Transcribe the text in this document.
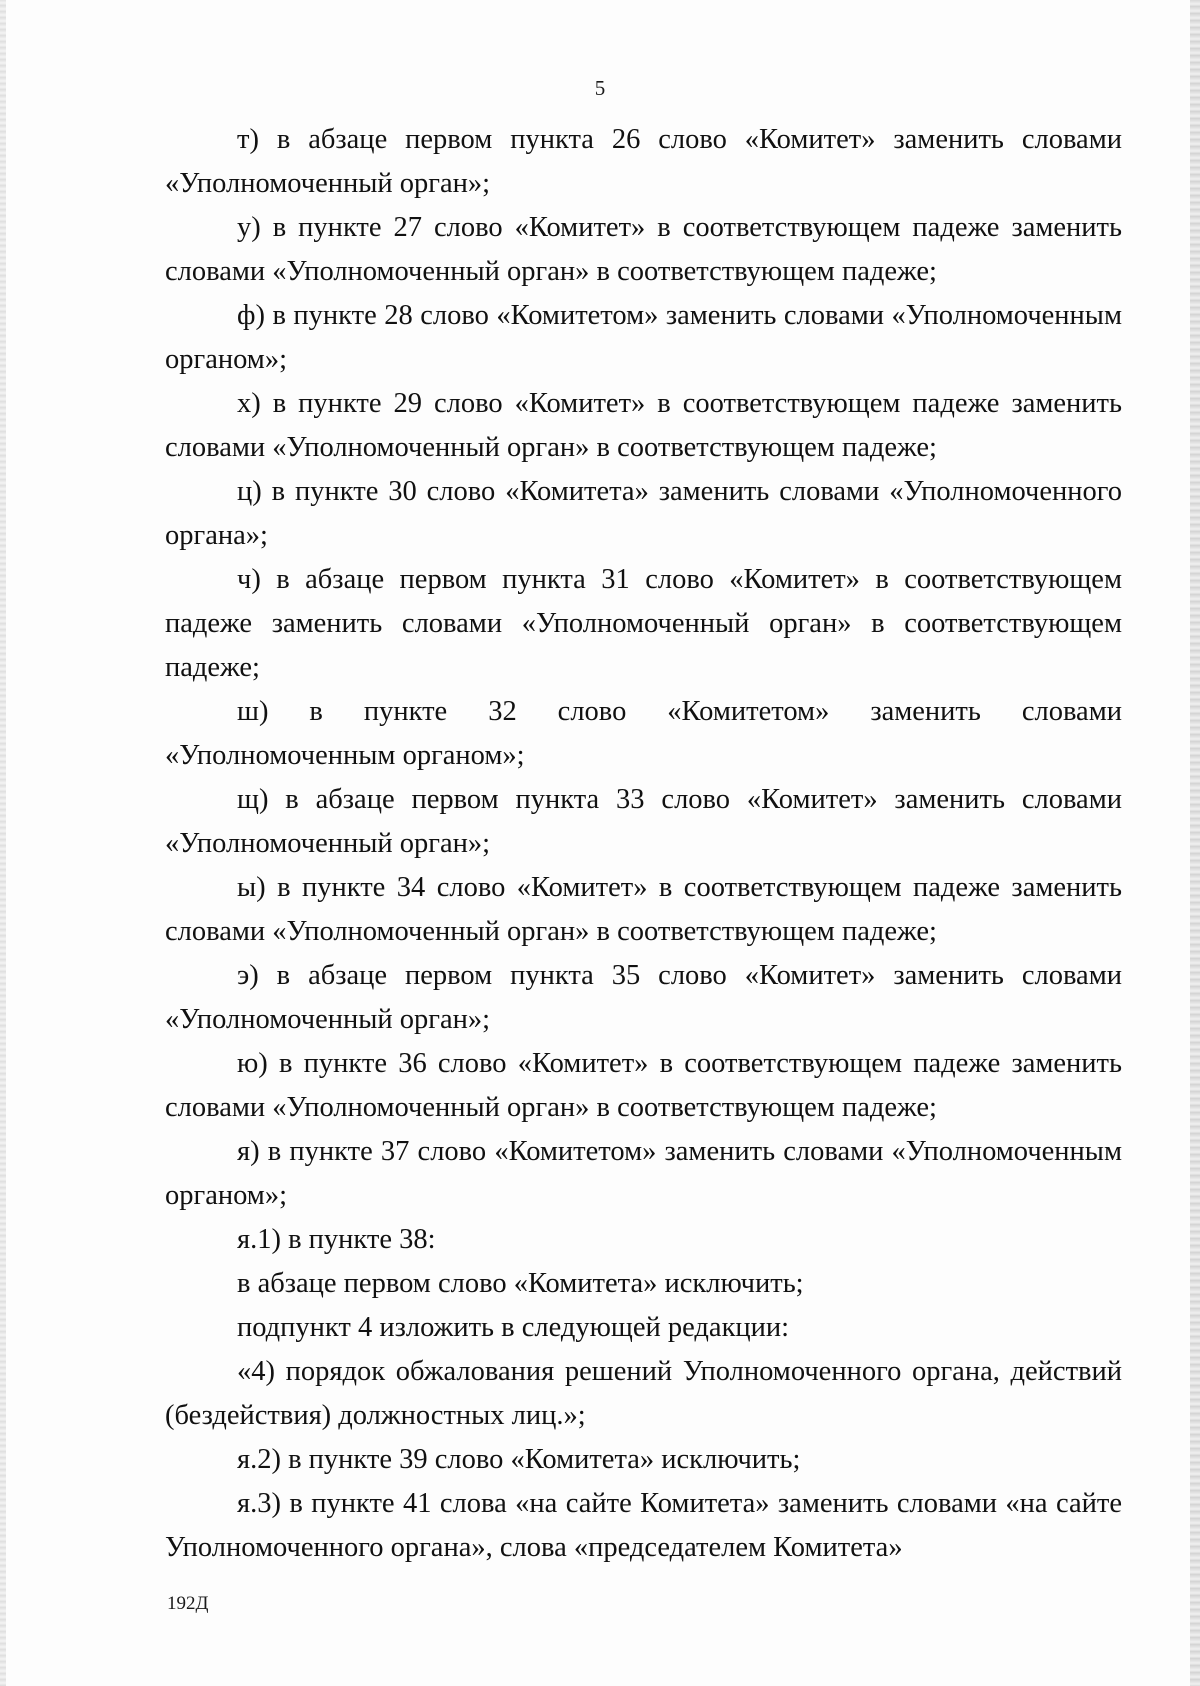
5

т) в абзаце первом пункта 26 слово «Комитет» заменить словами «Уполномоченный орган»;

у) в пункте 27 слово «Комитет» в соответствующем падеже заменить словами «Уполномоченный орган» в соответствующем падеже;

ф) в пункте 28 слово «Комитетом» заменить словами «Уполномоченным органом»;

х) в пункте 29 слово «Комитет» в соответствующем падеже заменить словами «Уполномоченный орган» в соответствующем падеже;

ц) в пункте 30 слово «Комитета» заменить словами «Уполномоченного органа»;

ч) в абзаце первом пункта 31 слово «Комитет» в соответствующем падеже заменить словами «Уполномоченный орган» в соответствующем падеже;

ш) в пункте 32 слово «Комитетом» заменить словами «Уполномоченным органом»;

щ) в абзаце первом пункта 33 слово «Комитет» заменить словами «Уполномоченный орган»;

ы) в пункте 34 слово «Комитет» в соответствующем падеже заменить словами «Уполномоченный орган» в соответствующем падеже;

э) в абзаце первом пункта 35 слово «Комитет» заменить словами «Уполномоченный орган»;

ю) в пункте 36 слово «Комитет» в соответствующем падеже заменить словами «Уполномоченный орган» в соответствующем падеже;

я) в пункте 37 слово «Комитетом» заменить словами «Уполномоченным органом»;

я.1) в пункте 38:

в абзаце первом слово «Комитета» исключить;

подпункт 4 изложить в следующей редакции:

«4) порядок обжалования решений Уполномоченного органа, действий (бездействия) должностных лиц.»;

я.2) в пункте 39 слово «Комитета» исключить;

я.3) в пункте 41 слова «на сайте Комитета» заменить словами «на сайте Уполномоченного органа», слова «председателем Комитета»

192Д
